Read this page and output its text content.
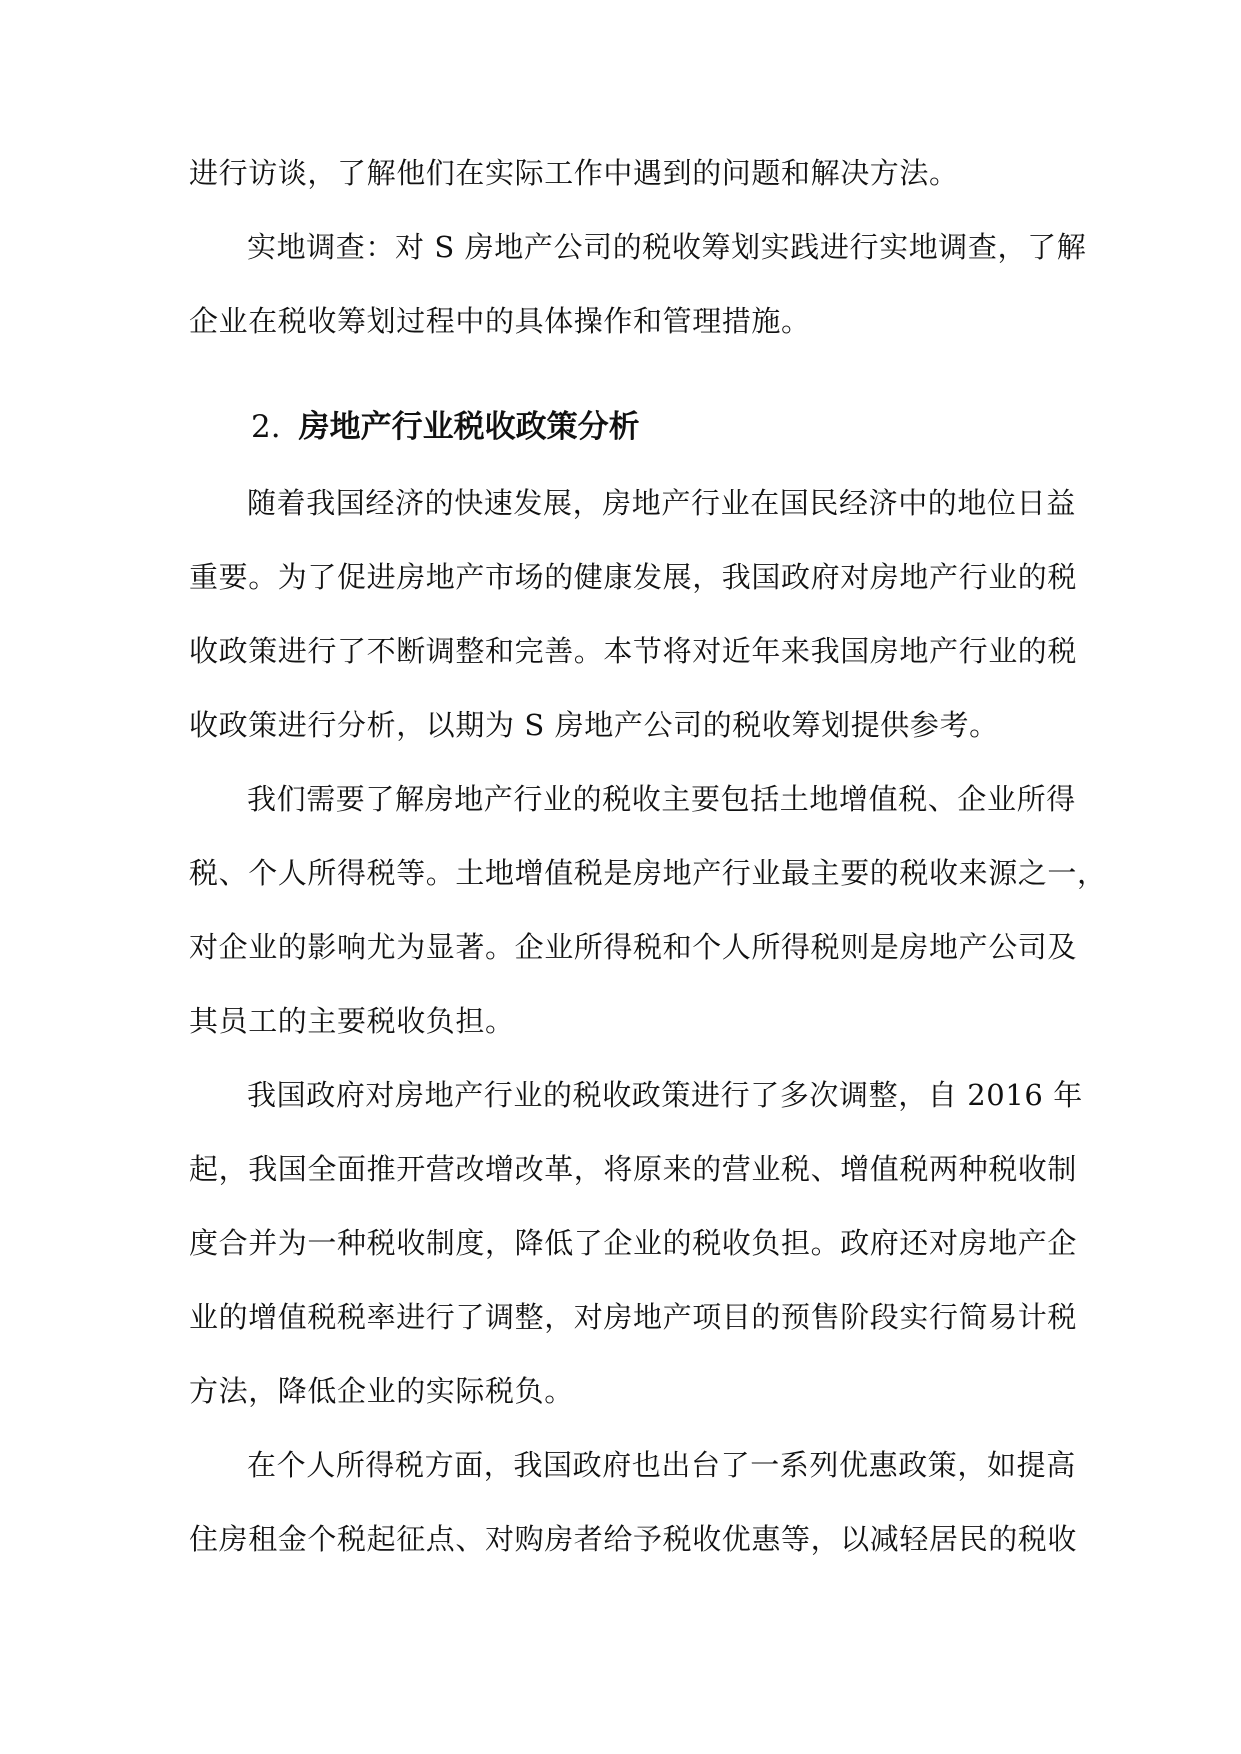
进行访谈，了解他们在实际工作中遇到的问题和解决方法。
实地调查：对 S 房地产公司的税收筹划实践进行实地调查，了解
企业在税收筹划过程中的具体操作和管理措施。
2. 房地产行业税收政策分析
随着我国经济的快速发展，房地产行业在国民经济中的地位日益
重要。为了促进房地产市场的健康发展，我国政府对房地产行业的税
收政策进行了不断调整和完善。本节将对近年来我国房地产行业的税
收政策进行分析，以期为 S 房地产公司的税收筹划提供参考。
我们需要了解房地产行业的税收主要包括土地增值税、企业所得
税、个人所得税等。土地增值税是房地产行业最主要的税收来源之一，
对企业的影响尤为显著。企业所得税和个人所得税则是房地产公司及
其员工的主要税收负担。
我国政府对房地产行业的税收政策进行了多次调整，自 2016 年
起，我国全面推开营改增改革，将原来的营业税、增值税两种税收制
度合并为一种税收制度，降低了企业的税收负担。政府还对房地产企
业的增值税税率进行了调整，对房地产项目的预售阶段实行简易计税
方法，降低企业的实际税负。
在个人所得税方面，我国政府也出台了一系列优惠政策，如提高
住房租金个税起征点、对购房者给予税收优惠等，以减轻居民的税收
